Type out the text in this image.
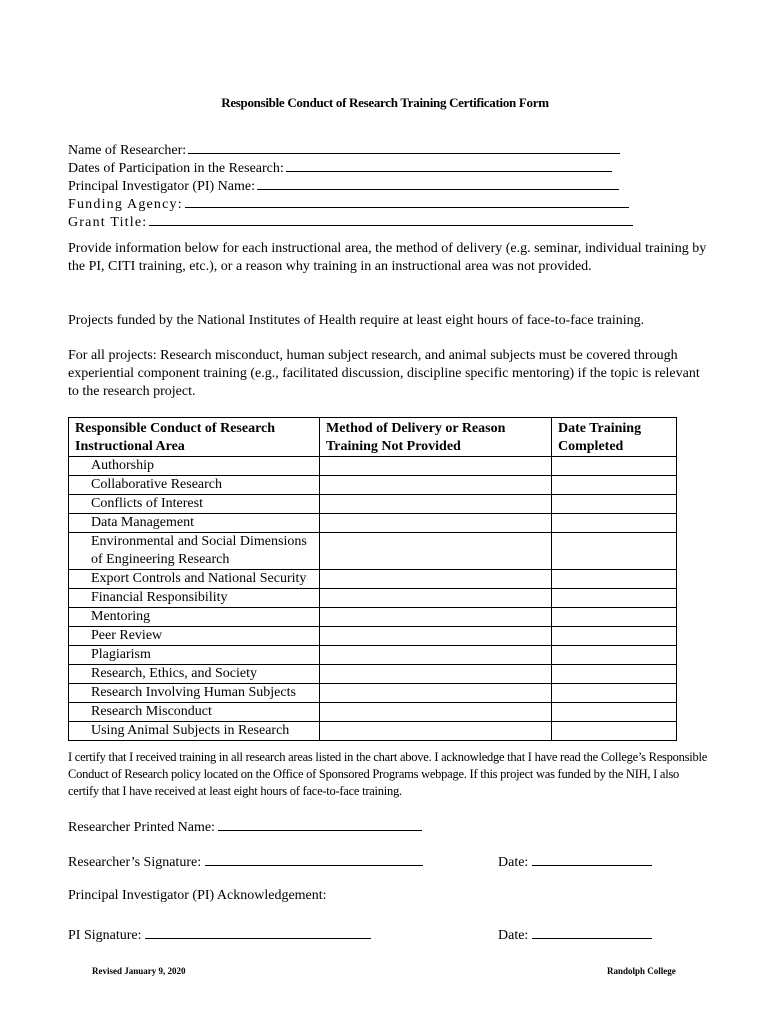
Responsible Conduct of Research Training Certification Form
Name of Researcher:
Dates of Participation in the Research:
Principal Investigator (PI) Name:
Funding Agency:
Grant Title:
Provide information below for each instructional area, the method of delivery (e.g. seminar, individual training by the PI, CITI training, etc.), or a reason why training in an instructional area was not provided.
Projects funded by the National Institutes of Health require at least eight hours of face-to-face training.
For all projects: Research misconduct, human subject research, and animal subjects must be covered through experiential component training (e.g., facilitated discussion, discipline specific mentoring) if the topic is relevant to the research project.
Responsible Conduct of Research Instructional Area	Method of Delivery or Reason Training Not Provided	Date Training Completed
Authorship		
Collaborative Research		
Conflicts of Interest		
Data Management		
Environmental and Social Dimensions of Engineering Research		
Export Controls and National Security		
Financial Responsibility		
Mentoring		
Peer Review		
Plagiarism		
Research, Ethics, and Society		
Research Involving Human Subjects		
Research Misconduct		
Using Animal Subjects in Research		
I certify that I received training in all research areas listed in the chart above. I acknowledge that I have read the College’s Responsible Conduct of Research policy located on the Office of Sponsored Programs webpage. If this project was funded by the NIH, I also certify that I have received at least eight hours of face-to-face training.
Researcher Printed Name:
Researcher’s Signature:	Date:
Principal Investigator (PI) Acknowledgement:
PI Signature:	Date:
Revised January 9, 2020	Randolph College
